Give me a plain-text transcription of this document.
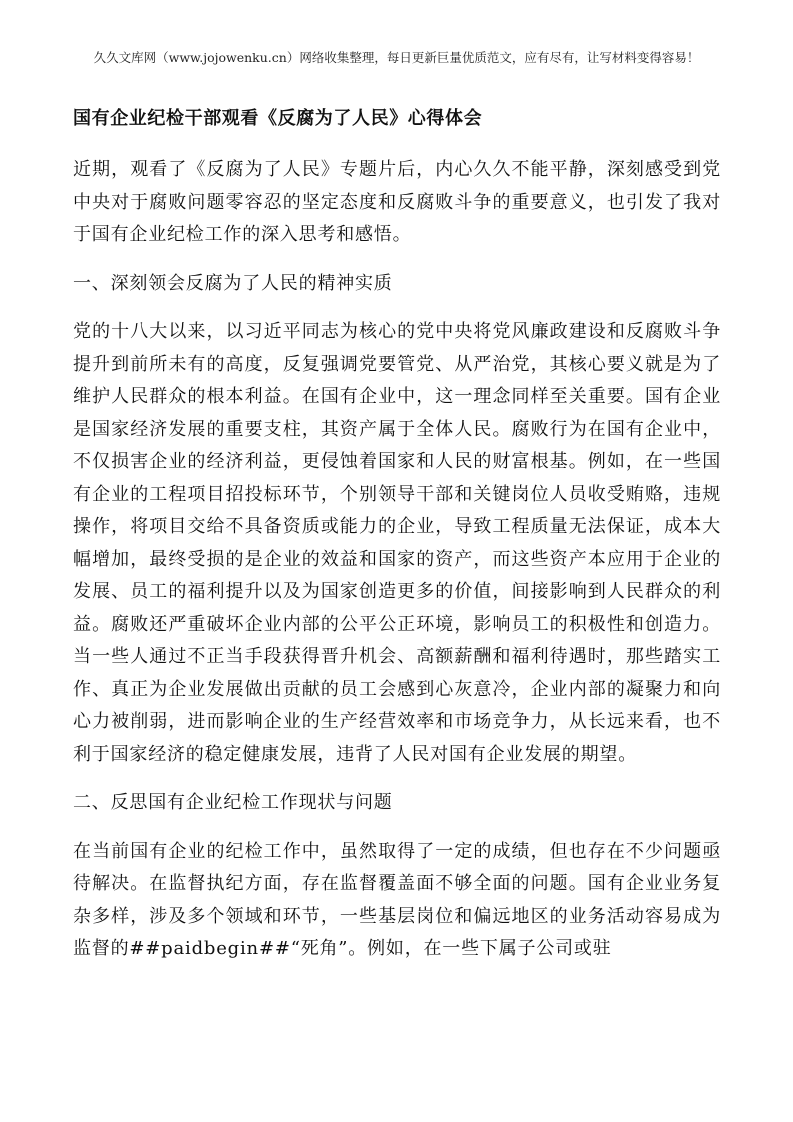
久久文库网（www.jojowenku.cn）网络收集整理，每日更新巨量优质范文，应有尽有，让写材料变得容易！
国有企业纪检干部观看《反腐为了人民》心得体会

近期，观看了《反腐为了人民》专题片后，内心久久不能平静，深刻感受到党中央对于腐败问题零容忍的坚定态度和反腐败斗争的重要意义，也引发了我对于国有企业纪检工作的深入思考和感悟。

一、深刻领会反腐为了人民的精神实质

党的十八大以来，以习近平同志为核心的党中央将党风廉政建设和反腐败斗争提升到前所未有的高度，反复强调党要管党、从严治党，其核心要义就是为了维护人民群众的根本利益。在国有企业中，这一理念同样至关重要。国有企业是国家经济发展的重要支柱，其资产属于全体人民。腐败行为在国有企业中，不仅损害企业的经济利益，更侵蚀着国家和人民的财富根基。例如，在一些国有企业的工程项目招投标环节，个别领导干部和关键岗位人员收受贿赂，违规操作，将项目交给不具备资质或能力的企业，导致工程质量无法保证，成本大幅增加，最终受损的是企业的效益和国家的资产，而这些资产本应用于企业的发展、员工的福利提升以及为国家创造更多的价值，间接影响到人民群众的利益。腐败还严重破坏企业内部的公平公正环境，影响员工的积极性和创造力。当一些人通过不正当手段获得晋升机会、高额薪酬和福利待遇时，那些踏实工作、真正为企业发展做出贡献的员工会感到心灰意冷，企业内部的凝聚力和向心力被削弱，进而影响企业的生产经营效率和市场竞争力，从长远来看，也不利于国家经济的稳定健康发展，违背了人民对国有企业发展的期望。

二、反思国有企业纪检工作现状与问题

在当前国有企业的纪检工作中，虽然取得了一定的成绩，但也存在不少问题亟待解决。在监督执纪方面，存在监督覆盖面不够全面的问题。国有企业业务复杂多样，涉及多个领域和环节，一些基层岗位和偏远地区的业务活动容易成为监督的##paidbegin##“死角”。例如，在一些下属子公司或驻
